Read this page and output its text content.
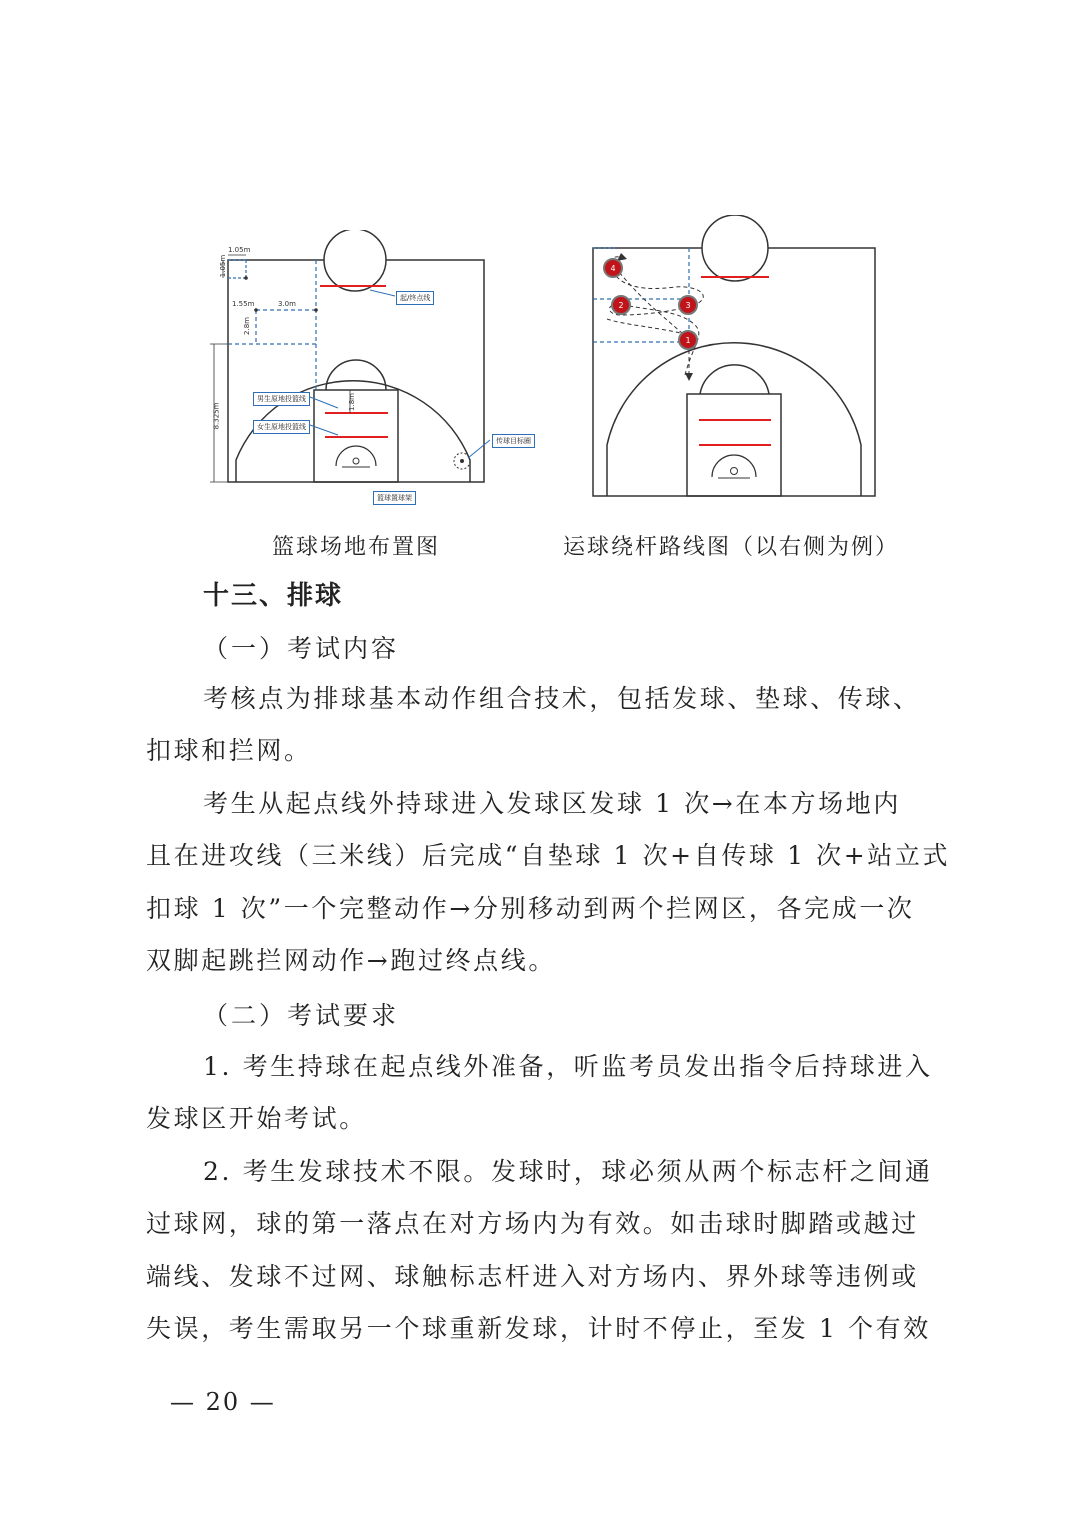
1.05m
1.05m
1.55m	3.0m
2.8m
8.325m
1.8m
起/终点线
男生原地投篮线
女生原地投篮线
传球目标圈
篮球置球架
篮球场地布置图
1
2	3
4
运球绕杆路线图（以右侧为例）
十三、排球
（一）考试内容
考核点为排球基本动作组合技术，包括发球、垫球、传球、
扣球和拦网。
考生从起点线外持球进入发球区发球 1 次→在本方场地内
且在进攻线（三米线）后完成“自垫球 1 次+自传球 1 次+站立式
扣球 1 次”一个完整动作→分别移动到两个拦网区，各完成一次
双脚起跳拦网动作→跑过终点线。
（二）考试要求
1. 考生持球在起点线外准备，听监考员发出指令后持球进入
发球区开始考试。
2. 考生发球技术不限。发球时，球必须从两个标志杆之间通
过球网，球的第一落点在对方场内为有效。如击球时脚踏或越过
端线、发球不过网、球触标志杆进入对方场内、界外球等违例或
失误，考生需取另一个球重新发球，计时不停止，至发 1 个有效
— 20 —
